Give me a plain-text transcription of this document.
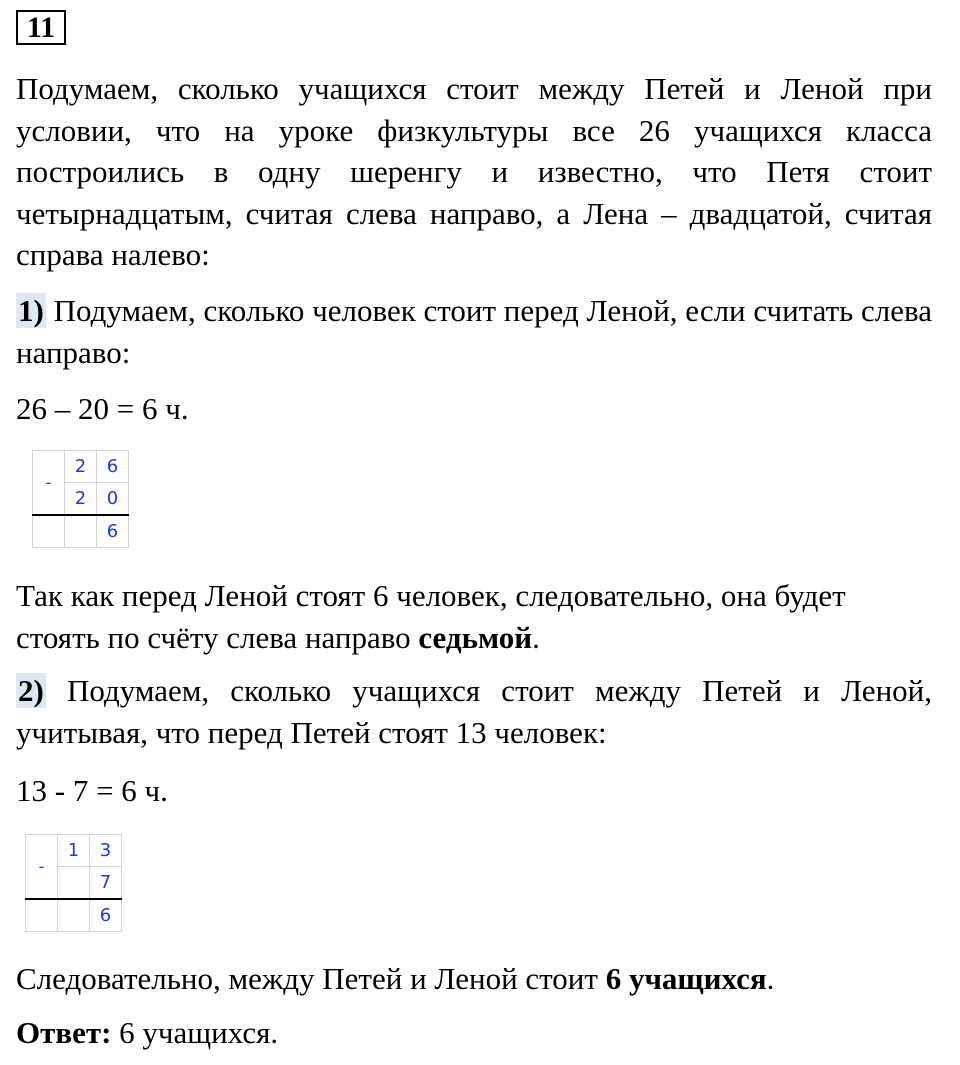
11

Подумаем, сколько учащихся стоит между Петей и Леной при условии, что на уроке физкультуры все 26 учащихся класса построились в одну шеренгу и известно, что Петя стоит четырнадцатым, считая слева направо, а Лена – двадцатой, считая справа налево:

1) Подумаем, сколько человек стоит перед Леной, если считать слева направо:

26 – 20 = 6 ч.

-	2	6
	2	0
		6

Так как перед Леной стоят 6 человек, следовательно, она будет стоять по счёту слева направо седьмой.

2) Подумаем, сколько учащихся стоит между Петей и Леной, учитывая, что перед Петей стоят 13 человек:

13 - 7 = 6 ч.

-	1	3
		7
		6

Следовательно, между Петей и Леной стоит 6 учащихся.

Ответ: 6 учащихся.
